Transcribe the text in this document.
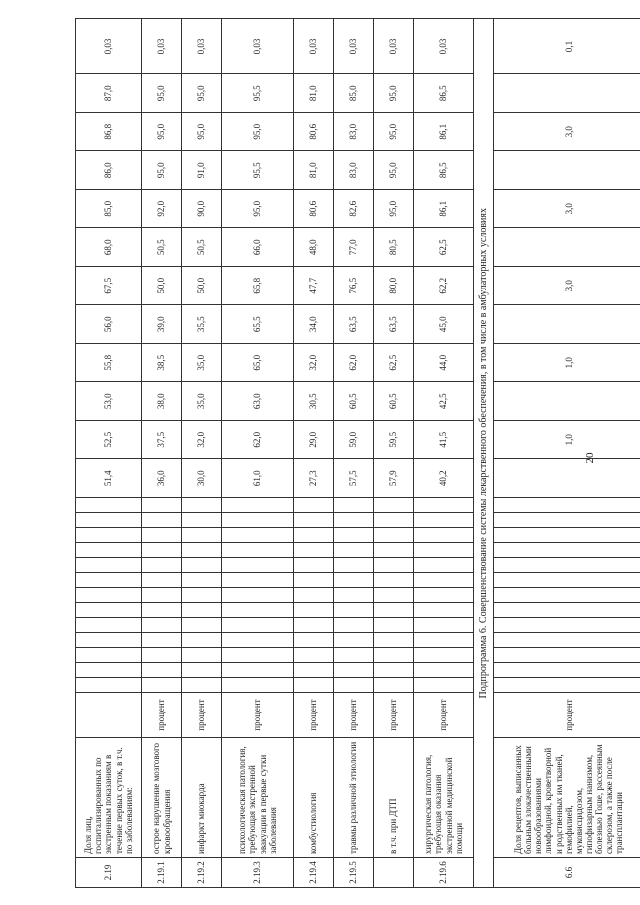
2.19	Доля лиц, госпитализированных по экстренным показаниям в течение первых суток, в т.ч. по заболеваниям:															51,4	52,5	53,0	55,8	56,0	67,5	68,0	85,0	86,0	86,8	87,0	0,03
2.19.1	острое нарушение мозгового кровообращения	процент														36,0	37,5	38,0	38,5	39,0	50,0	50,5	92,0	95,0	95,0	95,0	0,03
2.19.2	инфаркт миокарда	процент														30,0	32,0	35,0	35,0	35,5	50,0	50,5	90,0	91,0	95,0	95,0	0,03
2.19.3	психологическая патология, требующая экстренной эвакуации в первые сутки заболевания	процент														61,0	62,0	63,0	65,0	65,5	65,8	66,0	95,0	95,5	95,0	95,5	0,03
2.19.4	комбустиология	процент														27,3	29,0	30,5	32,0	34,0	47,7	48,0	80,6	81,0	80,6	81,0	0,03
2.19.5	травмы различной этиологии	процент														57,5	59,0	60,5	62,0	63,5	76,5	77,0	82,6	83,0	83,0	85,0	0,03
	в т.ч. при ДТП	процент														57,9	59,5	60,5	62,5	63,5	80,0	80,5	95,0	95,0	95,0	95,0	0,03
2.19.6	хирургическая патология, требующая оказания экстренной медицинской помощи	процент														40,2	41,5	42,5	44,0	45,0	62,2	62,5	86,1	86,5	86,1	86,5	0,03
Подпрограмма 6. Совершенствование системы лекарственного обеспечения, в том числе в амбулаторных условиях																											
6.6	Доля рецептов, выписанных больным злокачественными новообразованиями лимфоидной, кроветворной и родственных им тканей, гемофилией, муковисцидозом, гипофизарным нанизмом, болезнью Гоше, рассеянным склерозом, а также после трансплантации	процент															1,0		1,0		3,0		3,0		3,0		0,1
20
